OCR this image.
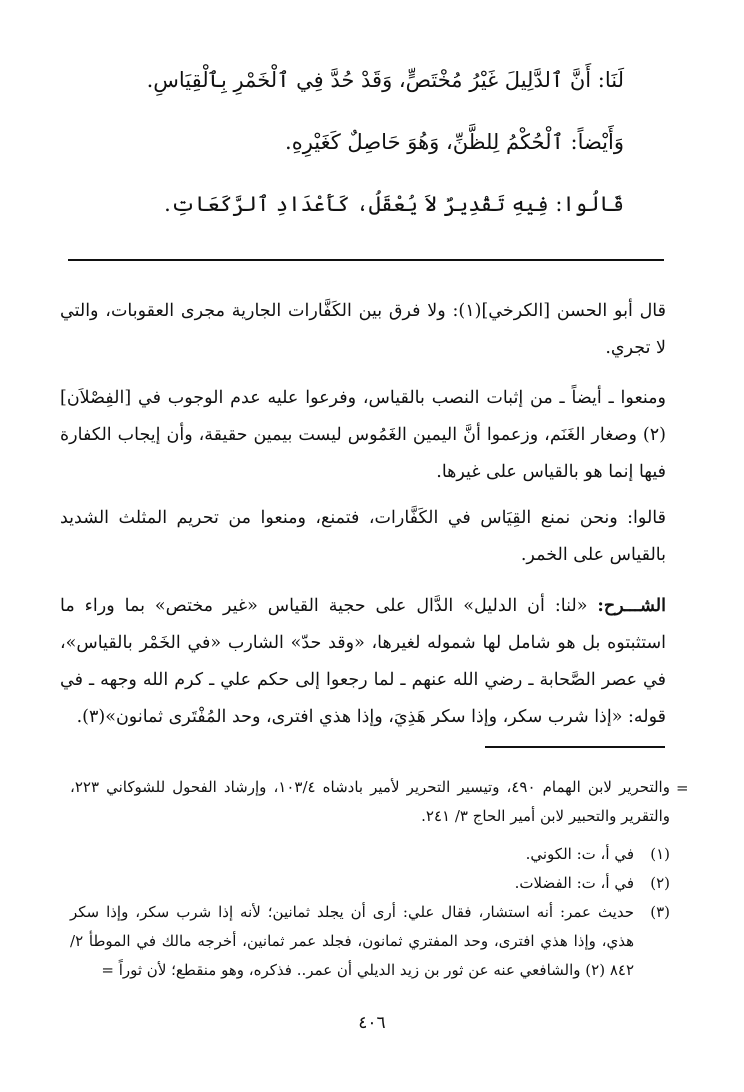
لَنَا: أَنَّ ٱلدَّلِيلَ غَيْرُ مُخْتَصٍّ، وَقَدْ حُدَّ فِي ٱلْخَمْرِ بِٱلْقِيَاسِ.
وَأَيْضاً: ٱلْحُكْمُ لِلظَّنِّ، وَهُوَ حَاصِلٌ كَغَيْرِهِ.
قَالُوا: فِيهِ تَقْدِيرٌ لاَ يُعْقَلُ، كَأَعْدَادِ ٱلرَّكَعَاتِ.
قال أبو الحسن [الكرخي](١): ولا فرق بين الكَفَّارات الجارية مجرى العقوبات، والتي لا تجري.
ومنعوا ـ أيضاً ـ من إثبات النصب بالقياس، وفرعوا عليه عدم الوجوب في [الفِصْلاَن](٢) وصغار الغَنَم، وزعموا أنَّ اليمين الغَمُوس ليست بيمين حقيقة، وأن إيجاب الكفارة فيها إنما هو بالقياس على غيرها.
قالوا: ونحن نمنع القِيَاس في الكَفَّارات، فتمنع، ومنعوا من تحريم المثلث الشديد بالقياس على الخمر.
الشـــرح: «لنا: أن الدليل» الدَّال على حجية القياس «غير مختص» بما وراء ما استثبتوه بل هو شامل لها شموله لغيرها، «وقد حدّ» الشارب «في الخَمْر بالقياس»، في عصر الصَّحابة ـ رضي الله عنهم ـ لما رجعوا إلى حكم علي ـ كرم الله وجهه ـ في قوله: «إذا شرب سكر، وإذا سكر هَذِيَ، وإذا هذي افترى، وحد المُفْتَرى ثمانون»(٣).
=
والتحرير لابن الهمام ٤٩٠، وتيسير التحرير لأمير بادشاه ١٠٣/٤، وإرشاد الفحول للشوكاني ٢٢٣، والتقرير والتحبير لابن أمير الحاج ٣/ ٢٤١.
(١)
في أ، ت: الكوني.
(٢)
في أ، ت: الفضلات.
(٣)
حديث عمر: أنه استشار، فقال علي: أرى أن يجلد ثمانين؛ لأنه إذا شرب سكر، وإذا سكر هذي، وإذا هذي افترى، وحد المفتري ثمانون، فجلد عمر ثمانين، أخرجه مالك في الموطأ ٢/ ٨٤٢ (٢) والشافعي عنه عن ثور بن زيد الديلي أن عمر.. فذكره، وهو منقطع؛ لأن ثوراً =
٤٠٦
